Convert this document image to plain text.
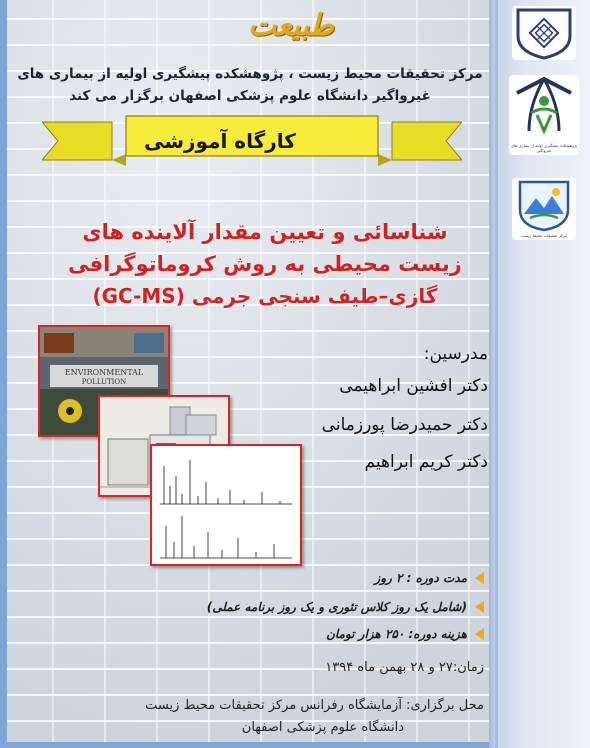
پژوهشکده پیشگیری اولیه از بیماری های غیرواگیر
مرکز تحقیقات محیط زیست
طبیعت
مرکز تحقیقات محیط زیست ، پژوهشکده پیشگیری اولیه از بیماری های
غیرواگیر دانشگاه علوم پزشکی اصفهان برگزار می کند
کارگاه آموزشی
شناسائی و تعیین مقدار آلاینده های
زیست محیطی به روش کروماتوگرافی
گازی–طیف سنجی جرمی (GC-MS)
ENVIRONMENTAL
POLLUTION
مدرسین:
دکتر افشین ابراهیمی
دکتر حمیدرضا پورزمانی
دکتر کریم ابراهیم
مدت دوره : ۲ روز
(شامل یک روز کلاس تئوری و یک روز برنامه عملی)
هزینه دوره: ۲۵۰ هزار تومان
زمان:۲۷ و ۲۸ بهمن ماه ۱۳۹۴
محل برگزاری: آزمایشگاه رفرانس مرکز تحقیقات محیط زیست
دانشگاه علوم پزشکی اصفهان
